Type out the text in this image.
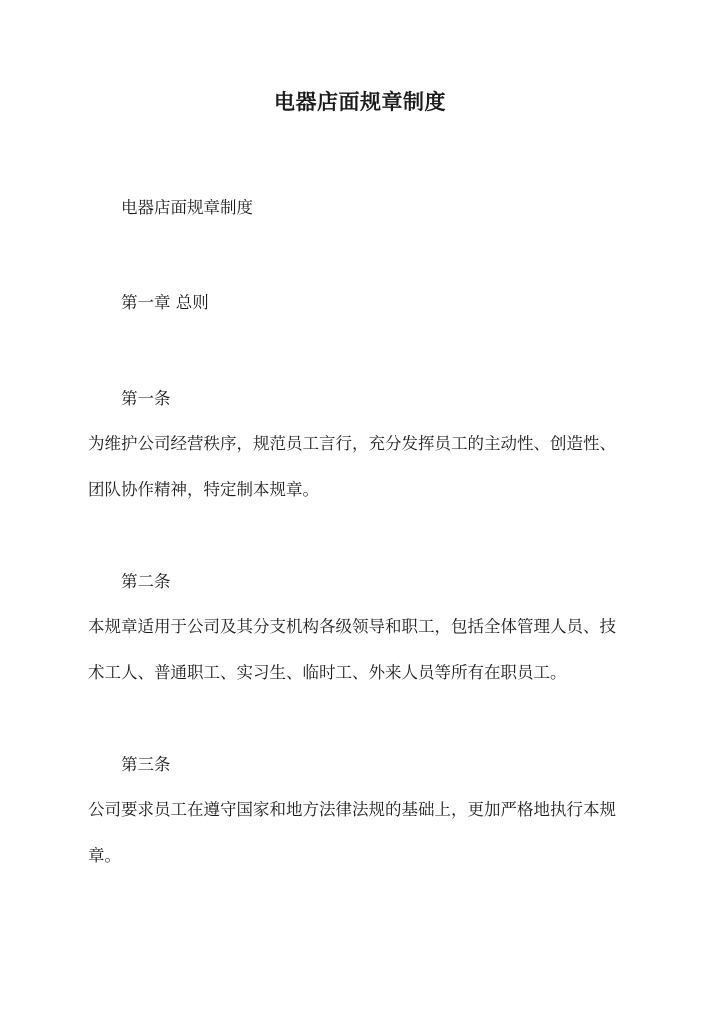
电器店面规章制度
电器店面规章制度
第一章 总则
第一条
为维护公司经营秩序，规范员工言行，充分发挥员工的主动性、创造性、
团队协作精神，特定制本规章。
第二条
本规章适用于公司及其分支机构各级领导和职工，包括全体管理人员、技
术工人、普通职工、实习生、临时工、外来人员等所有在职员工。
第三条
公司要求员工在遵守国家和地方法律法规的基础上，更加严格地执行本规
章。
